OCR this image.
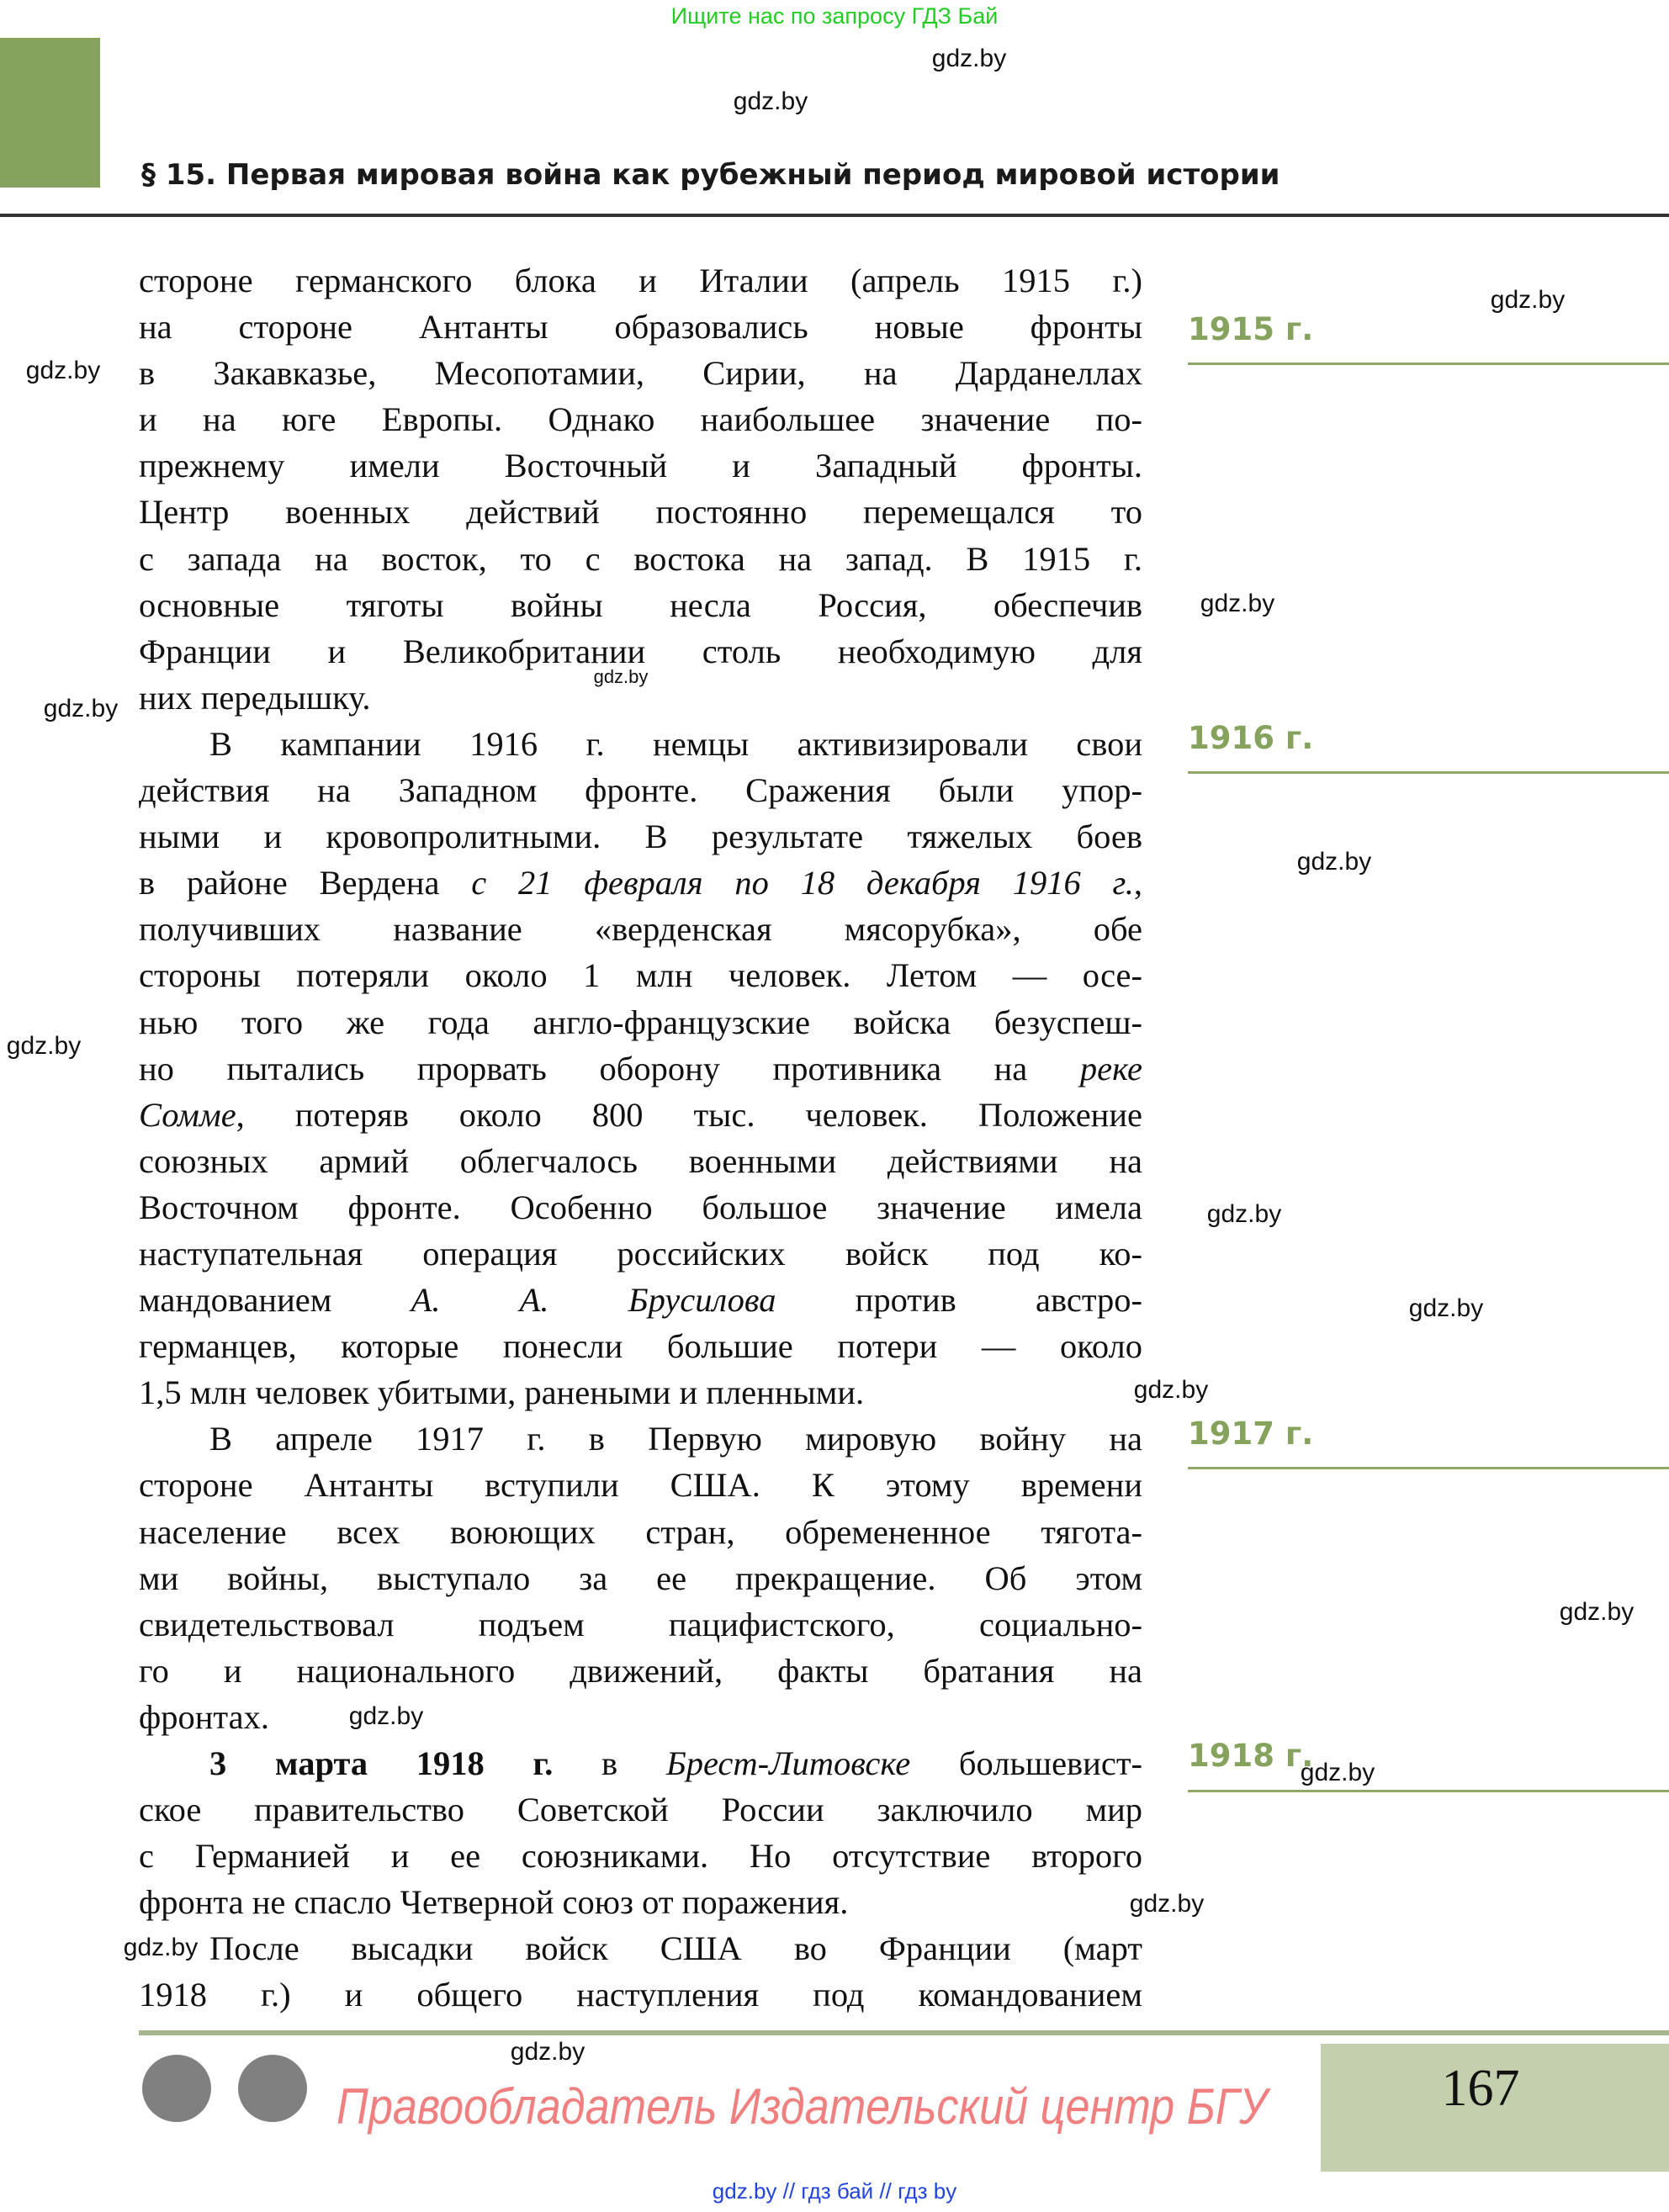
Ищите нас по запросу ГДЗ Бай
§ 15. Первая мировая война как рубежный период мировой истории
стороне германского блока и Италии (апрель 1915 г.)
на стороне Антанты образовались новые фронты
в Закавказье, Месопотамии, Сирии, на Дарданеллах
и на юге Европы. Однако наибольшее значение по-
прежнему имели Восточный и Западный фронты.
Центр военных действий постоянно перемещался то
с запада на восток, то с востока на запад. В 1915 г.
основные тяготы войны несла Россия, обеспечив
Франции и Великобритании столь необходимую для
них передышку.
В кампании 1916 г. немцы активизировали свои
действия на Западном фронте. Сражения были упор-
ными и кровопролитными. В результате тяжелых боев
в районе Вердена с 21 февраля по 18 декабря 1916 г.,
получивших название «верденская мясорубка», обе
стороны потеряли около 1 млн человек. Летом — осе-
нью того же года англо-французские войска безуспеш-
но пытались прорвать оборону противника на реке
Сомме, потеряв около 800 тыс. человек. Положение
союзных армий облегчалось военными действиями на
Восточном фронте. Особенно большое значение имела
наступательная операция российских войск под ко-
мандованием А. А. Брусилова против австро-
германцев, которые понесли большие потери — около
1,5 млн человек убитыми, ранеными и пленными.
В апреле 1917 г. в Первую мировую войну на
стороне Антанты вступили США. К этому времени
население всех воюющих стран, обремененное тягота-
ми войны, выступало за ее прекращение. Об этом
свидетельствовал подъем пацифистского, социально-
го и национального движений, факты братания на
фронтах.
3 марта 1918 г. в Брест-Литовске большевист-
ское правительство Советской России заключило мир
с Германией и ее союзниками. Но отсутствие второго
фронта не спасло Четверной союз от поражения.
После высадки войск США во Франции (март
1918 г.) и общего наступления под командованием
1915 г.
1916 г.
1917 г.
1918 г.
gdz.by
gdz.by
gdz.by
gdz.by
gdz.by
gdz.by
gdz.by
gdz.by
gdz.by
gdz.by
gdz.by
gdz.by
gdz.by
gdz.by
gdz.by
gdz.by
gdz.by
gdz.by
Правообладатель Издательский центр БГУ	167
gdz.by // гдз бай // гдз by
